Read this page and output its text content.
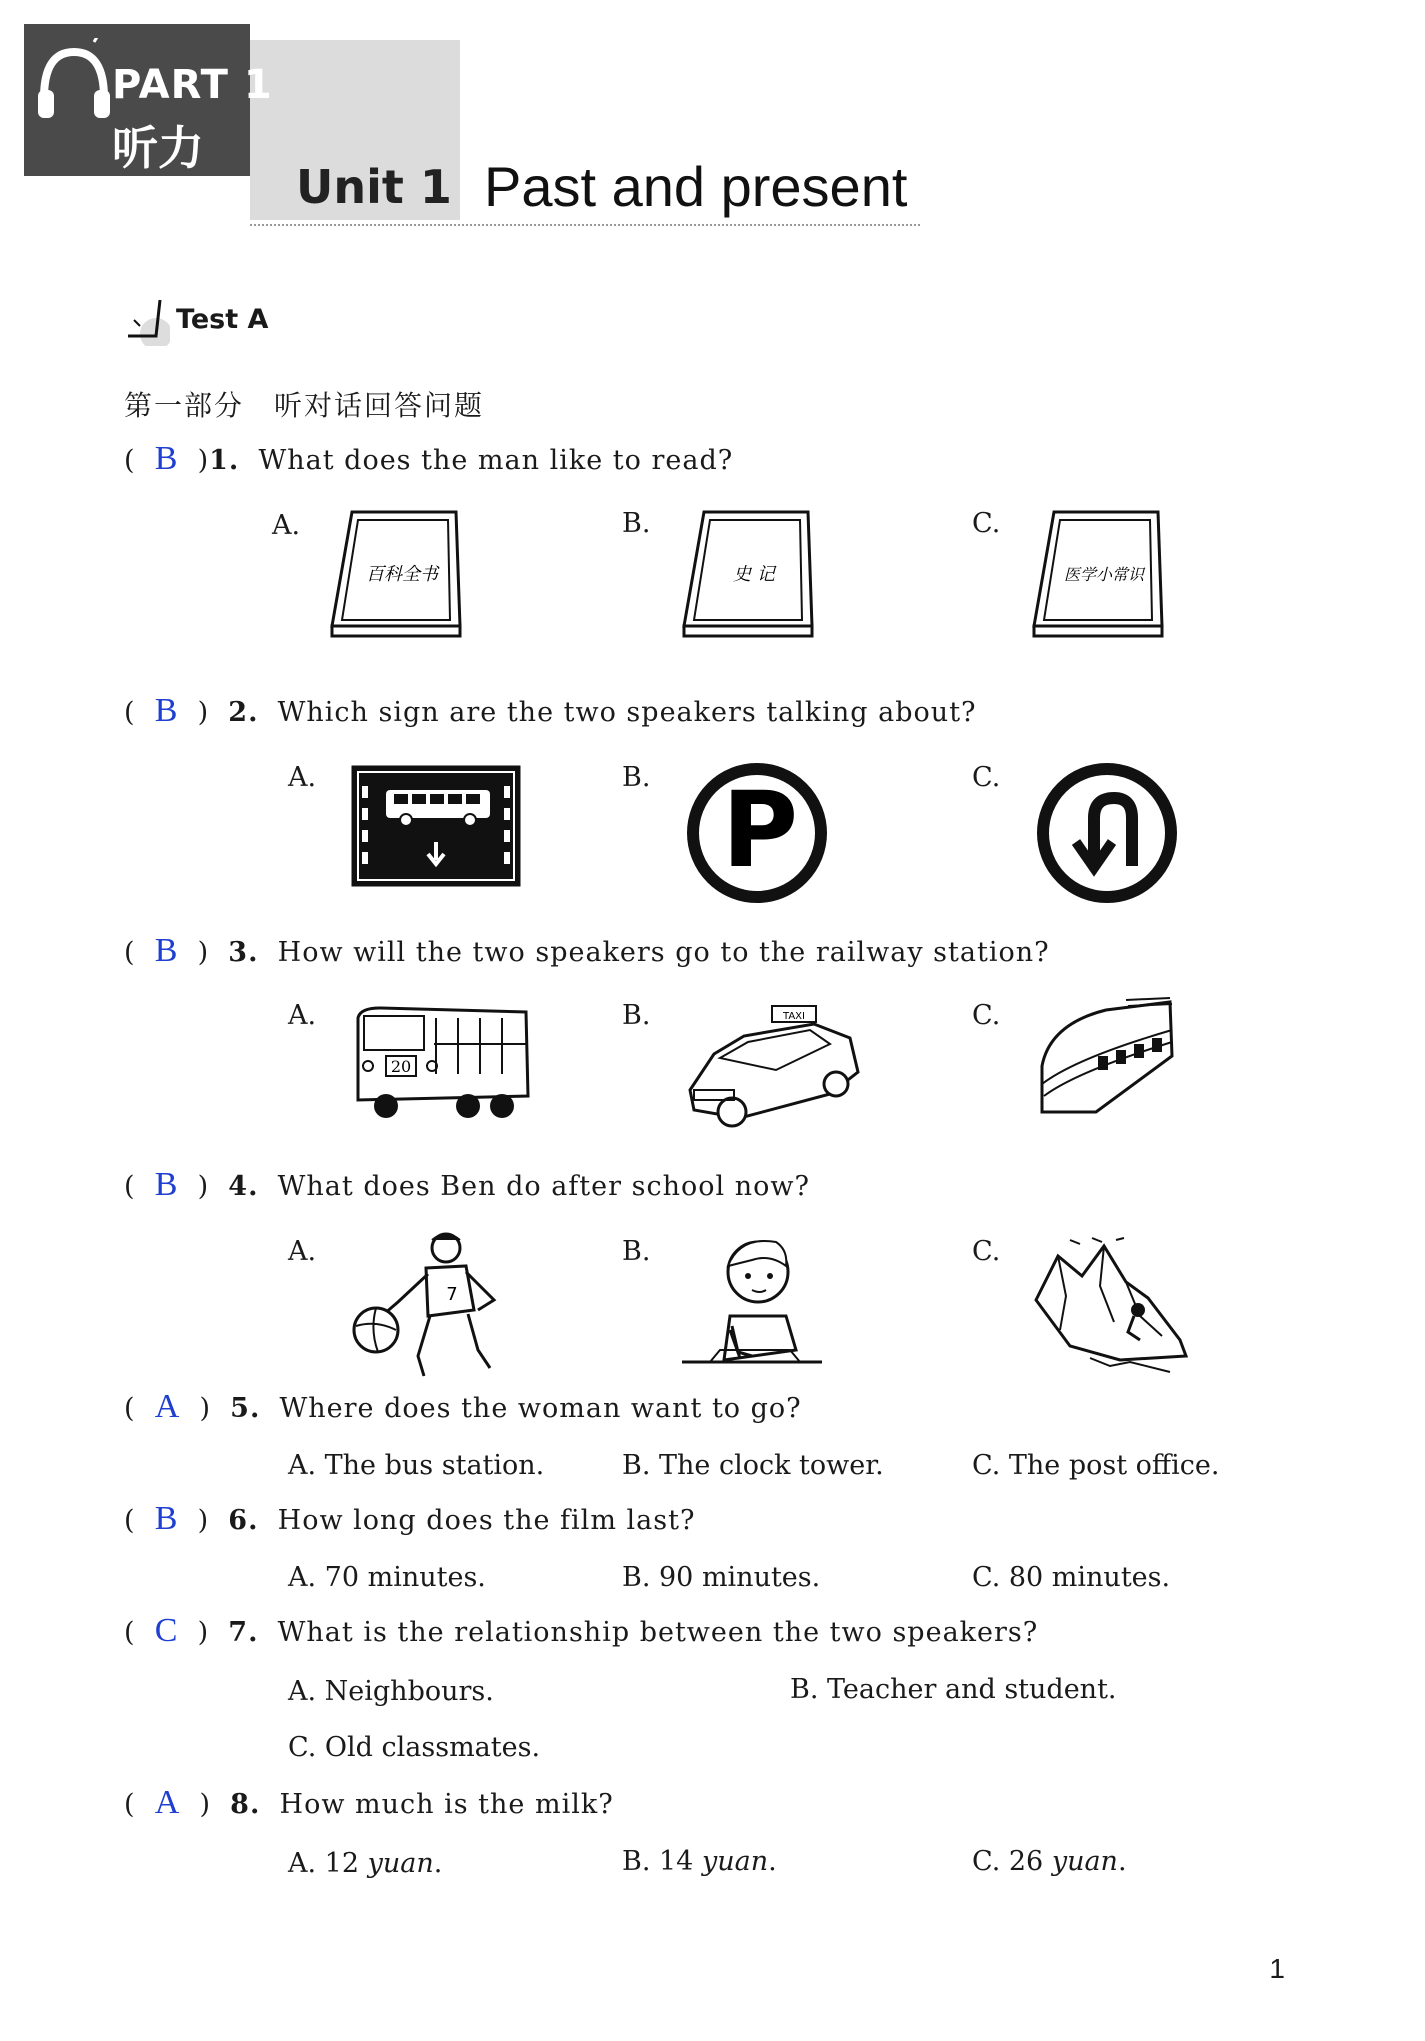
PART 1
听力
Unit 1 Past and present
Test A
第一部分　听对话回答问题
( B )1. What does the man like to read?
A.	B.	C.
百科全书	史 记	医学小常识
( B ) 2. Which sign are the two speakers talking about?
A.	B.	C.
P
( B ) 3. How will the two speakers go to the railway station?
A.	B.	C.
20
TAXI
( B ) 4. What does Ben do after school now?
A.	B.	C.
7
( A ) 5. Where does the woman want to go?
A. The bus station.	B. The clock tower.	C. The post office.
( B ) 6. How long does the film last?
A. 70 minutes.	B. 90 minutes.	C. 80 minutes.
( C ) 7. What is the relationship between the two speakers?
A. Neighbours.	B. Teacher and student.
C. Old classmates.
( A ) 8. How much is the milk?
A. 12 yuan.	B. 14 yuan.	C. 26 yuan.
1
